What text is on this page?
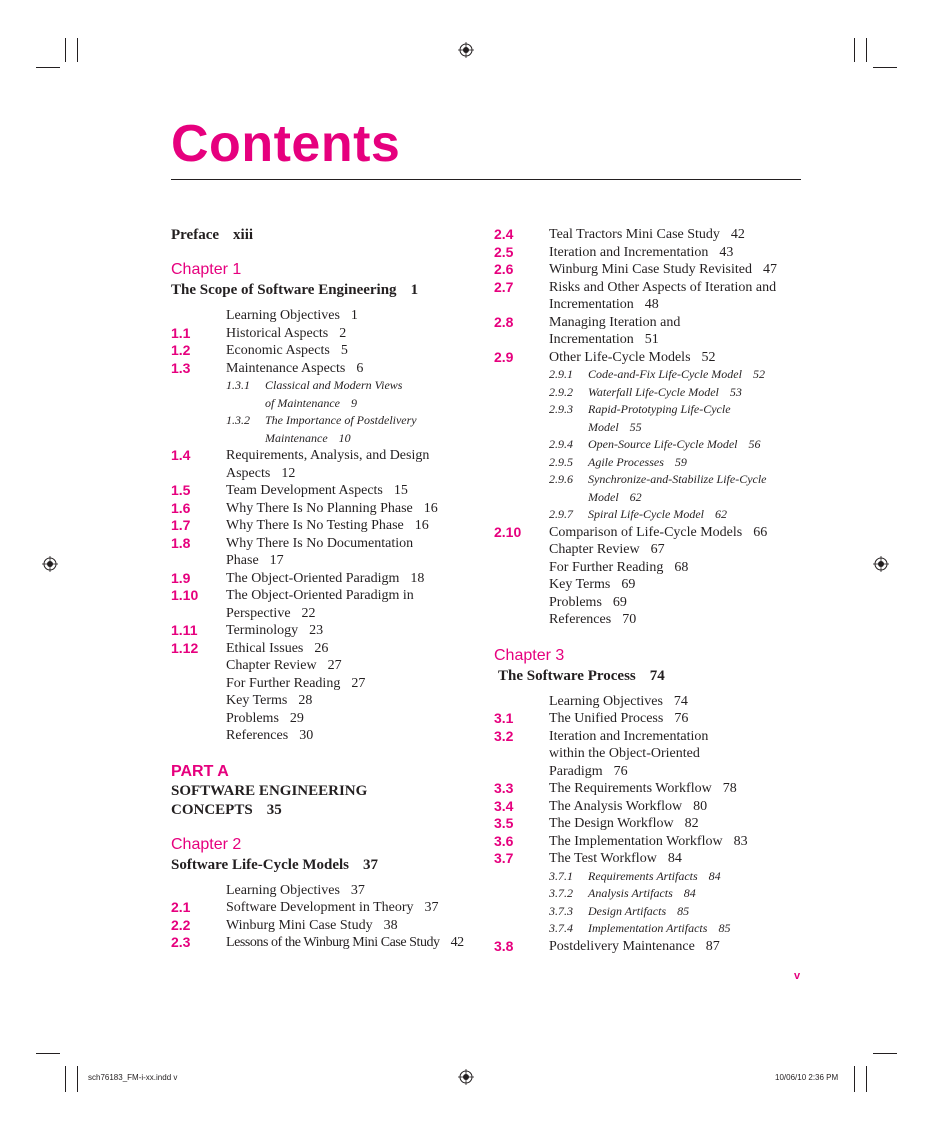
Contents
Preface xiii
Chapter 1
The Scope of Software Engineering 1
Learning Objectives 1
1.1	Historical Aspects 2
1.2	Economic Aspects 5
1.3	Maintenance Aspects 6
1.3.1 Classical and Modern Views
of Maintenance 9
1.3.2 The Importance of Postdelivery
Maintenance 10
1.4	Requirements, Analysis, and Design
Aspects 12
1.5	Team Development Aspects 15
1.6	Why There Is No Planning Phase 16
1.7	Why There Is No Testing Phase 16
1.8	Why There Is No Documentation
Phase 17
1.9	The Object-Oriented Paradigm 18
1.10 The Object-Oriented Paradigm in
Perspective 22
1.11 Terminology 23
1.12 Ethical Issues 26
Chapter Review 27
For Further Reading 27
Key Terms 28
Problems 29
References 30
PART A
SOFTWARE ENGINEERING
CONCEPTS 35
Chapter 2
Software Life-Cycle Models 37
Learning Objectives 37
2.1	Software Development in Theory 37
2.2	Winburg Mini Case Study 38
2.3	Lessons of the Winburg Mini Case Study 42
2.4	Teal Tractors Mini Case Study 42
2.5	Iteration and Incrementation 43
2.6	Winburg Mini Case Study Revisited 47
2.7	Risks and Other Aspects of Iteration and
Incrementation 48
2.8	Managing Iteration and
Incrementation 51
2.9	Other Life-Cycle Models 52
2.9.1 Code-and-Fix Life-Cycle Model 52
2.9.2 Waterfall Life-Cycle Model 53
2.9.3 Rapid-Prototyping Life-Cycle
Model 55
2.9.4 Open-Source Life-Cycle Model 56
2.9.5 Agile Processes 59
2.9.6 Synchronize-and-Stabilize Life-Cycle
Model 62
2.9.7 Spiral Life-Cycle Model 62
2.10 Comparison of Life-Cycle Models 66
Chapter Review 67
For Further Reading 68
Key Terms 69
Problems 69
References 70
Chapter 3
The Software Process 74
Learning Objectives 74
3.1	The Unified Process 76
3.2	Iteration and Incrementation
within the Object-Oriented
Paradigm 76
3.3	The Requirements Workflow 78
3.4	The Analysis Workflow 80
3.5	The Design Workflow 82
3.6	The Implementation Workflow 83
3.7	The Test Workflow 84
3.7.1 Requirements Artifacts 84
3.7.2 Analysis Artifacts 84
3.7.3 Design Artifacts 85
3.7.4 Implementation Artifacts 85
3.8	Postdelivery Maintenance 87
v
sch76183_FM-i-xx.indd v	10/06/10 2:36 PM
